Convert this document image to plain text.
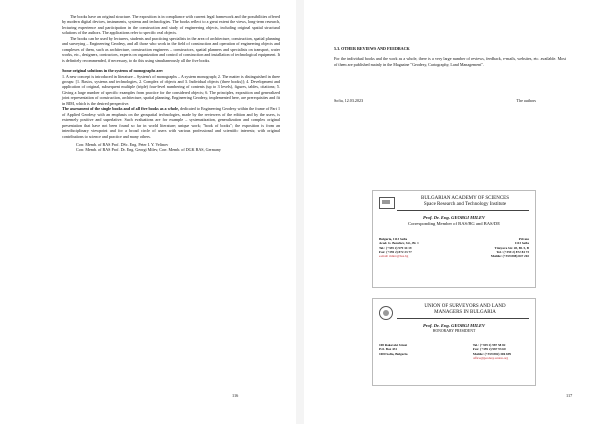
The books have an original structure. The exposition is in compliance with current legal framework and the possibilities offered by modern digital devices, instruments, systems and technologies. The books reflect to a great extent the views, long-term research, lecturing experience and participation in the construction and study of engineering objects, including original spatial structural solutions of the authors. The applications refer to specific real objects.

The books can be used by lecturers, students and practicing specialists in the area of architecture, construction, spatial planning and surveying – Engineering Geodesy, and all those who work in the field of construction and operation of engineering objects and complexes of them, such as architecture, construction engineers – constructors, spatial planners and specialists on transport, water works, etc., designers, contractors, experts on organization and control of construction and installation of technological equipment. It is definitely recommended, if necessary, to do this using simultaneously all the five books.

Some original solutions in the systems of monographs are:

1. A new concept is introduced in literature – System's of monographs – A system monograph; 2. The matter is distinguished in three groups: [1. Basics, systems and technologies, 2. Complex of objects and 3. Individual objects (three books)]; 4. Development and application of original, subsequent multiple (triple) four-level numbering of contents (up to 3 levels), figures, tables, citations; 5. Giving a large number of specific examples from practice for the considered objects; 6. The principles, exposition and generalized joint representation of construction, architecture, spatial planning, Engineering Geodesy, implemented here, are prerequisites and fit in BIM, which is the desired perspective.

The assessment of the single books and of all five books as a whole, dedicated to Engineering Geodesy within the frame of Part 1 of Applied Geodesy with an emphasis on the geospatial technologies, made by the reviewers of the edition and by the users, is extremely positive and superlative. Such evaluations are for example – systematization, generalization and complex original presentation that have not been found so far in world literature; unique work; "book of books"; the exposition is from an interdisciplinary viewpoint and for a broad circle of users with various professional and scientific interests; with original contributions to science and practice and many others.

Corr. Memb. of BAS Prof. DSc. Eng. Peter I. Y. Velinov

Corr. Memb. of BAS Prof. Dr. Eng. Georgi Milev, Corr. Memb. of DGK BAS, Germany

116
5.3. OTHER REVIEWS AND FEEDBACK

For the individual books and the work as a whole, there is a very large number of reviews, feedback, e-mails, websites, etc. available. Most of them are published mainly in the Magazine "Geodesy, Cartography, Land Management".

Sofia, 12.03.2023	The authors
BULGARIAN ACADEMY OF SCIENCES
Space Research and Technology Institute
Prof. Dr. Eng. GEORGI MILEV
Corresponding Member of BAS/BG and BAS/DE
Bulgaria, 1113 Sofia
Acad. G. Bonchev, Str., Bl. 1
Tel.: (+359 2) 979 34 19
Fax: (+359 2) 872 23 77
e-mail: milev@bas.bg
Private
1113 Sofia
Tintyava Str. 28, Bl. 5, B
Tel.: (+359 2) 872 84 73
Mobile: (+359 888) 847 202
UNION OF SURVEYORS AND LAND
MANAGERS IN BULGARIA
Prof. Dr. Eng. GEORGI MILEV
HONORARY PRESIDENT
108 Rakovski Street
P.O. Box 431
1000 Sofia, Bulgaria
Tel.: (+359 2) 987 58 82
Fax: (+359 2) 987 93 60
Mobile: (+359 882) 306 699
office@geodesy-union.org
117
